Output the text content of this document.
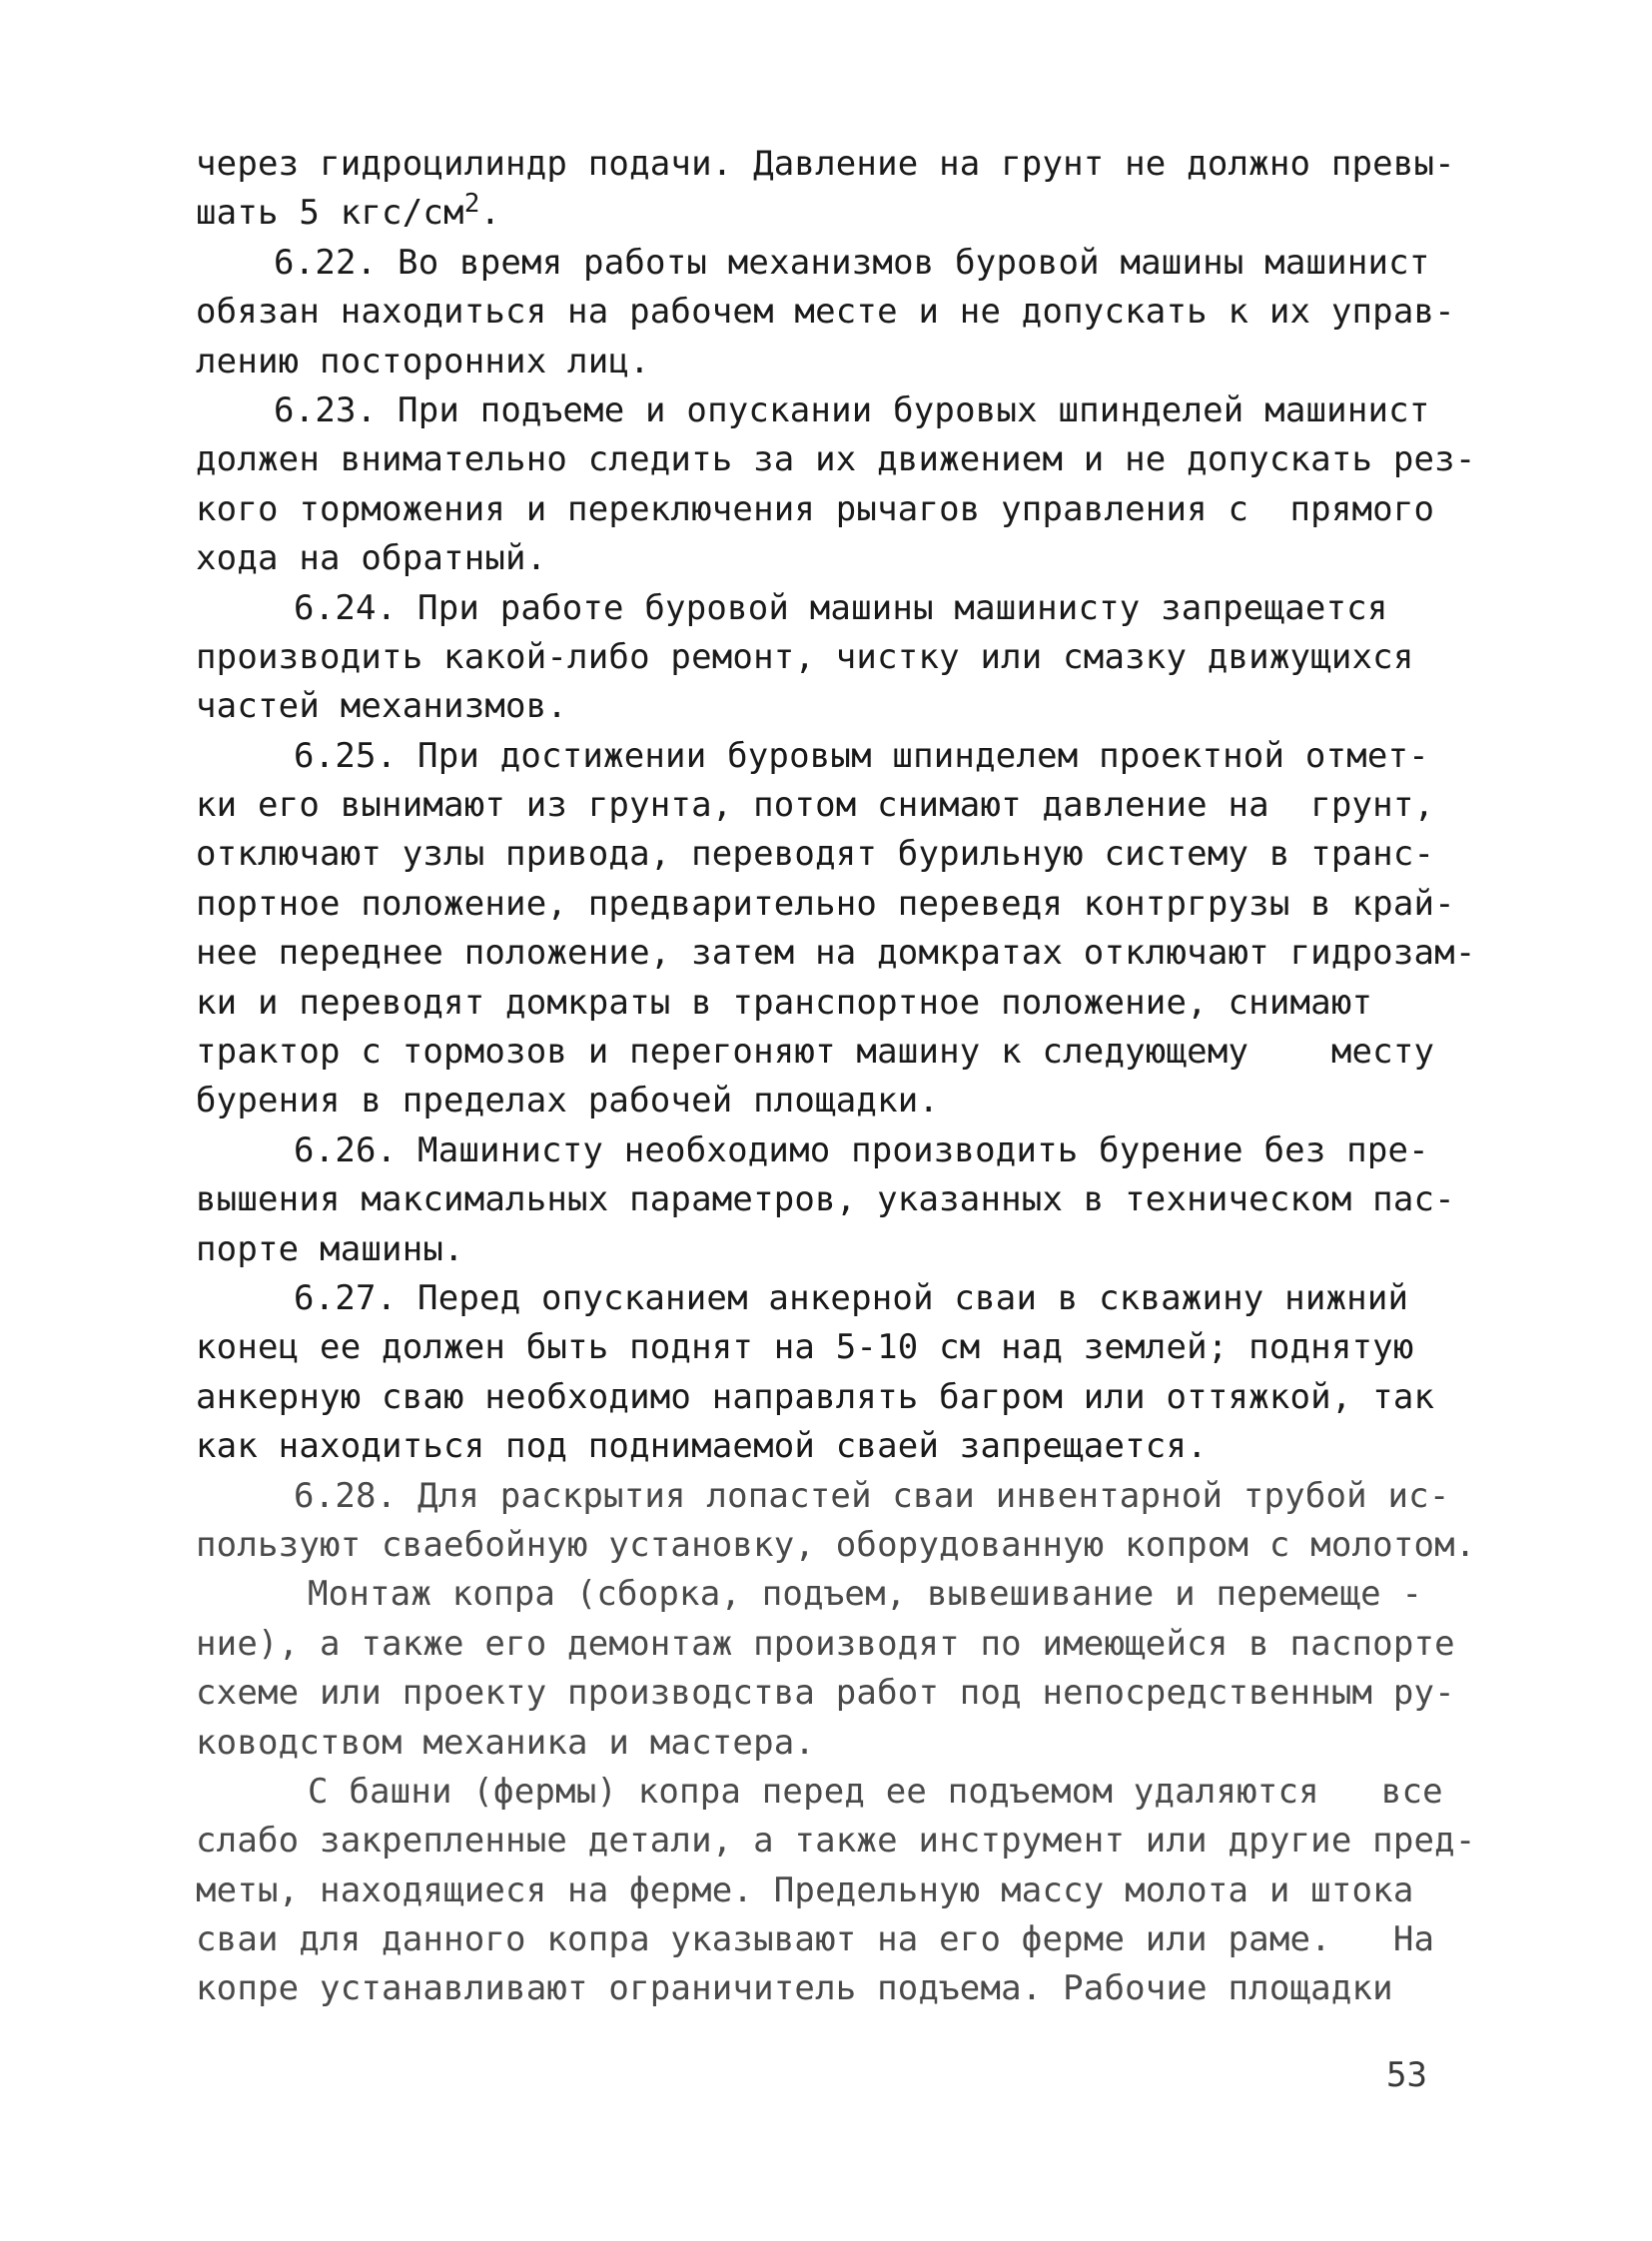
через гидроцилиндр подачи. Давление на грунт не должно превы-
шать 5 кгс/$см^2$.
6.22. Во время работы механизмов буровой машины машинист
обязан находиться на рабочем месте и не допускать к их управ-
лению посторонних лиц.
6.23. При подъеме и опускании буровых шпинделей машинист
должен внимательно следить за их движением и не допускать рез-
кого торможения и переключения рычагов управления с  прямого
хода на обратный.
6.24. При работе буровой машины машинисту запрещается
производить какой-либо ремонт, чистку или смазку движущихся
частей механизмов.
6.25. При достижении буровым шпинделем проектной отмет-
ки его вынимают из грунта, потом снимают давление на  грунт,
отключают узлы привода, переводят бурильную систему в транс-
портное положение, предварительно переведя контргрузы в край-
нее переднее положение, затем на домкратах отключают гидрозам-
ки и переводят домкраты в транспортное положение, снимают
трактор с тормозов и перегоняют машину к следующему    месту
бурения в пределах рабочей площадки.
6.26. Машинисту необходимо производить бурение без пре-
вышения максимальных параметров, указанных в техническом пас-
порте машины.
6.27. Перед опусканием анкерной сваи в скважину нижний
конец ее должен быть поднят на 5-10 см над землей; поднятую
анкерную сваю необходимо направлять багром или оттяжкой, так
как находиться под поднимаемой сваей запрещается.
6.28. Для раскрытия лопастей сваи инвентарной трубой ис-
пользуют сваебойную установку, оборудованную копром с молотом.
Монтаж копра (сборка, подъем, вывешивание и перемеще -
ние), а также его демонтаж производят по имеющейся в паспорте
схеме или проекту производства работ под непосредственным ру-
ководством механика и мастера.
С башни (фермы) копра перед ее подъемом удаляются   все
слабо закрепленные детали, а также инструмент или другие пред-
меты, находящиеся на ферме. Предельную массу молота и штока
сваи для данного копра указывают на его ферме или раме.   На
копре устанавливают ограничитель подъема. Рабочие площадки
53
